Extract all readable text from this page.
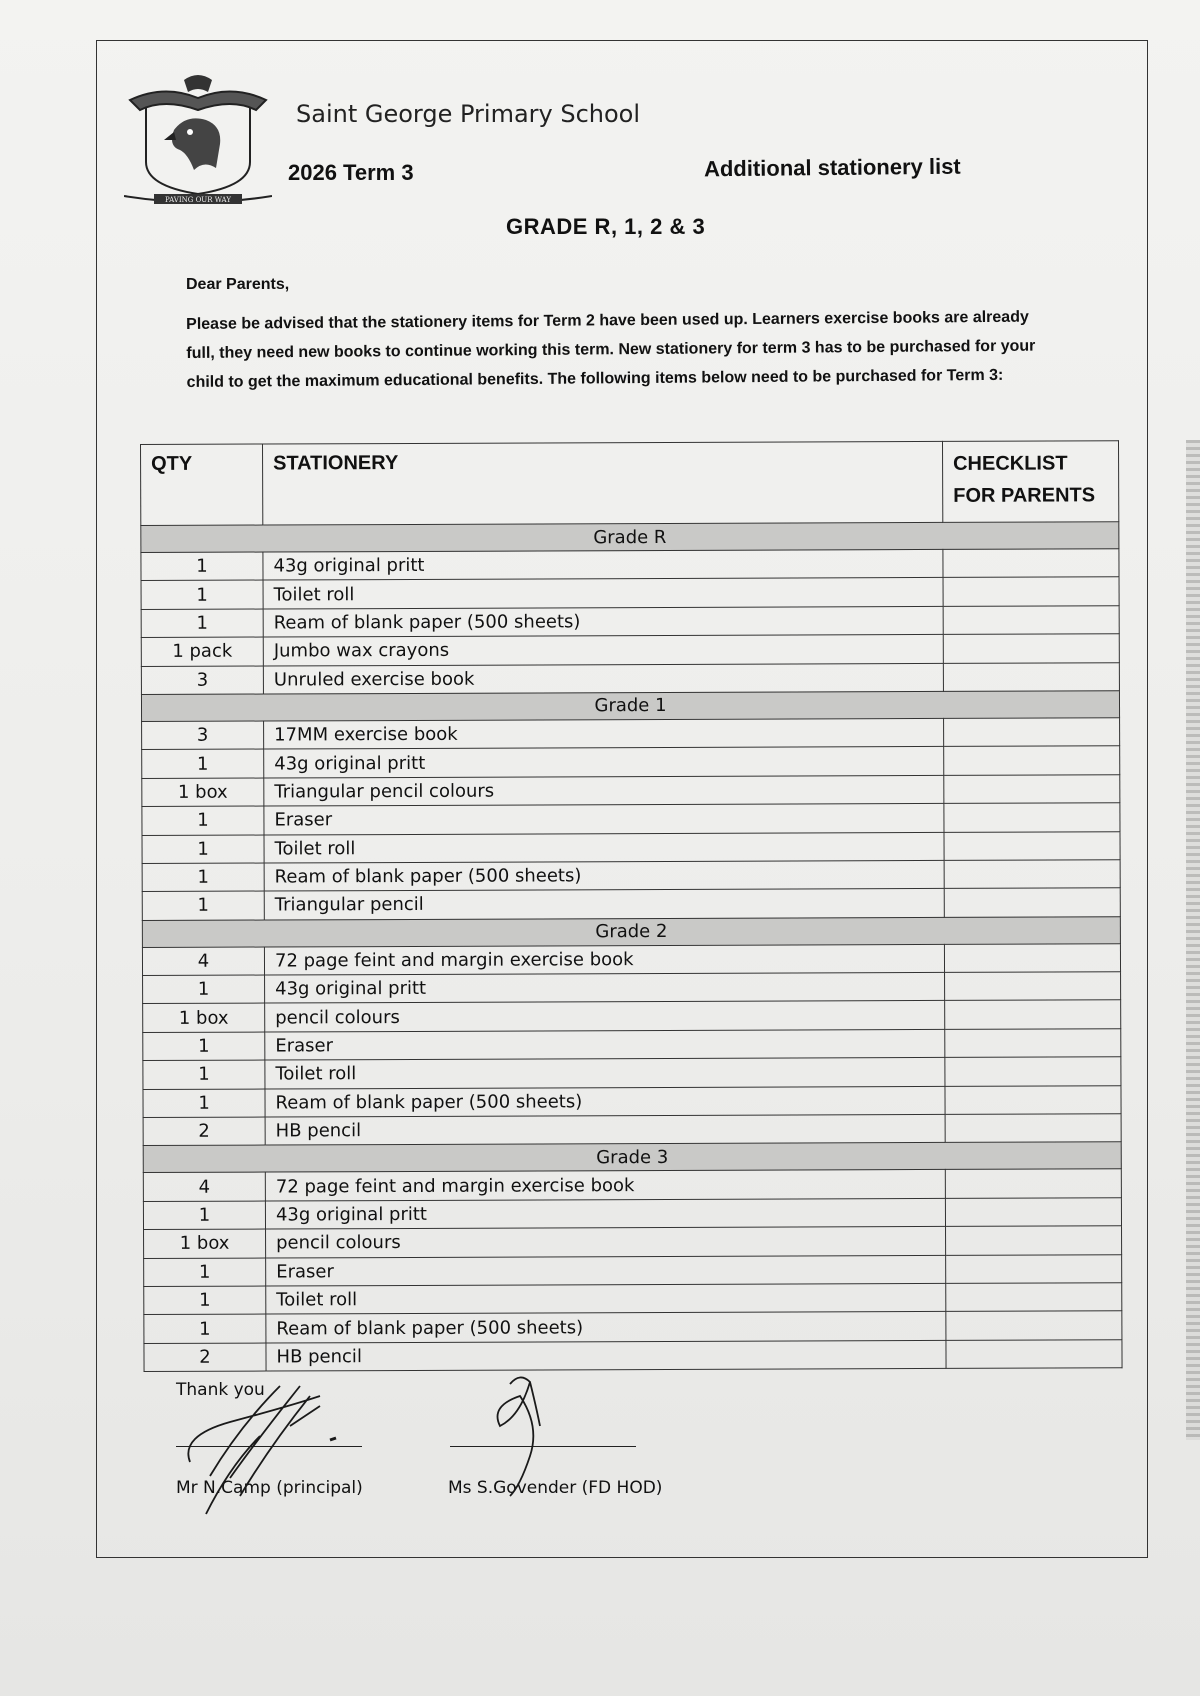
PAVING OUR WAY
Saint George Primary School
2026 Term 3	Additional stationery list
GRADE R, 1, 2 & 3
Dear Parents,
Please be advised that the stationery items for Term 2 have been used up. Learners exercise books are already full, they need new books to continue working this term. New stationery for term 3 has to be purchased for your child to get the maximum educational benefits. The following items below need to be purchased for Term 3:
QTY	STATIONERY	CHECKLIST FOR PARENTS

Grade R		
1	43g original pritt	
1	Toilet roll	
1	Ream of blank paper (500 sheets)	
1 pack	Jumbo wax crayons	
3	Unruled exercise book	
Grade 1		
3	17MM exercise book	
1	43g original pritt	
1 box	Triangular pencil colours	
1	Eraser	
1	Toilet roll	
1	Ream of blank paper (500 sheets)	
1	Triangular pencil	
Grade 2		
4	72 page feint and margin exercise book	
1	43g original pritt	
1 box	pencil colours	
1	Eraser	
1	Toilet roll	
1	Ream of blank paper (500 sheets)	
2	HB pencil	
Grade 3		
4	72 page feint and margin exercise book	
1	43g original pritt	
1 box	pencil colours	
1	Eraser	
1	Toilet roll	
1	Ream of blank paper (500 sheets)	
2	HB pencil	
Thank you
Mr N.Camp (principal)	Ms S.Govender (FD HOD)
